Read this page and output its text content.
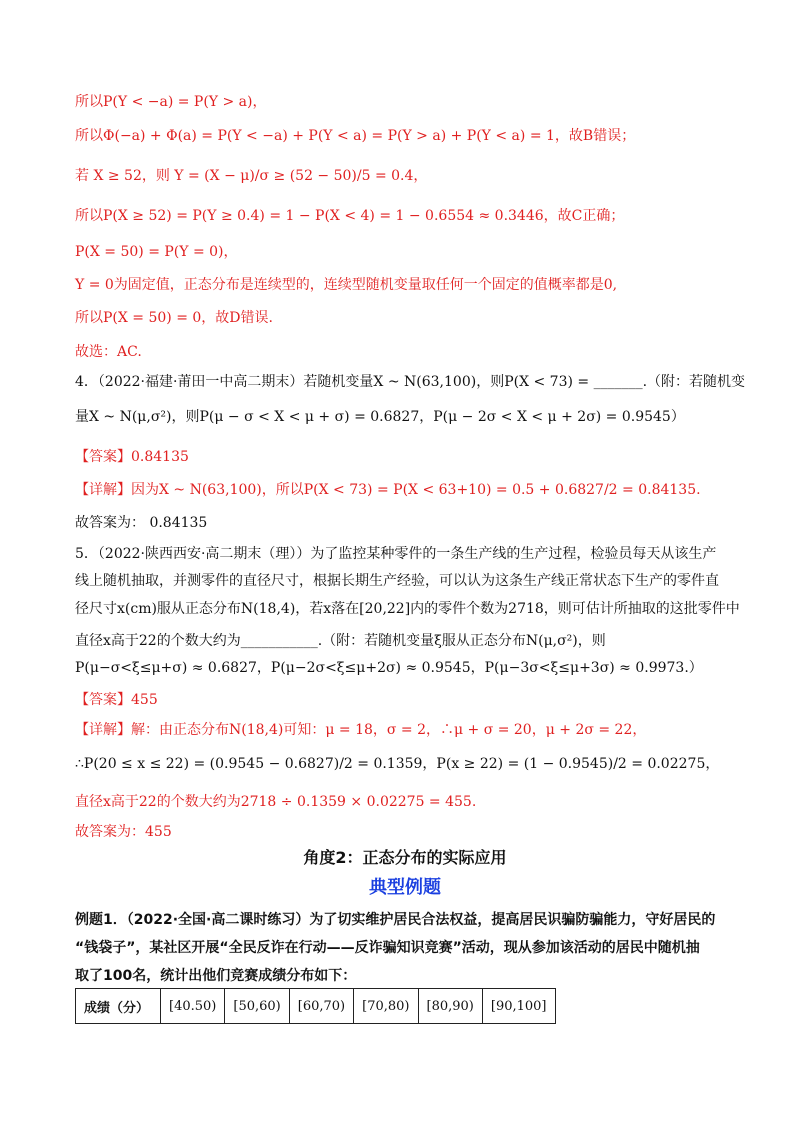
所以P(Y < −a) = P(Y > a)，
所以Φ(−a) + Φ(a) = P(Y < −a) + P(Y < a) = P(Y > a) + P(Y < a) = 1，故B错误；
若 X ≥ 52，则 Y = (X − μ)/σ ≥ (52 − 50)/5 = 0.4，
所以P(X ≥ 52) = P(Y ≥ 0.4) = 1 − P(X < 4) = 1 − 0.6554 ≈ 0.3446，故C正确；
P(X = 50) = P(Y = 0)，
Y = 0为固定值，正态分布是连续型的，连续型随机变量取任何一个固定的值概率都是0,
所以P(X = 50) = 0，故D错误.
故选：AC.
4．（2022·福建·莆田一中高二期末）若随机变量X ~ N(63,100)，则P(X < 73) = _______.（附：若随机变
量X ~ N(μ,σ²)，则P(μ − σ < X < μ + σ) = 0.6827，P(μ − 2σ < X < μ + 2σ) = 0.9545）
【答案】0.84135
【详解】因为X ~ N(63,100)，所以P(X < 73) = P(X < 63+10) = 0.5 + 0.6827/2 = 0.84135.
故答案为： 0.84135
5．（2022·陕西西安·高二期末（理））为了监控某种零件的一条生产线的生产过程，检验员每天从该生产
线上随机抽取，并测零件的直径尺寸，根据长期生产经验，可以认为这条生产线正常状态下生产的零件直
径尺寸x(cm)服从正态分布N(18,4)，若x落在[20,22]内的零件个数为2718，则可估计所抽取的这批零件中
直径x高于22的个数大约为___________.（附：若随机变量ξ服从正态分布N(μ,σ²)，则
P(μ−σ<ξ≤μ+σ) ≈ 0.6827，P(μ−2σ<ξ≤μ+2σ) ≈ 0.9545，P(μ−3σ<ξ≤μ+3σ) ≈ 0.9973.）
【答案】455
【详解】解：由正态分布N(18,4)可知：μ = 18，σ = 2，∴μ + σ = 20，μ + 2σ = 22，
∴P(20 ≤ x ≤ 22) = (0.9545 − 0.6827)/2 = 0.1359，P(x ≥ 22) = (1 − 0.9545)/2 = 0.02275，
直径x高于22的个数大约为2718 ÷ 0.1359 × 0.02275 = 455.
故答案为：455
角度2：正态分布的实际应用
典型例题
例题1．（2022·全国·高二课时练习）为了切实维护居民合法权益，提高居民识骗防骗能力，守好居民的
“钱袋子”，某社区开展“全民反诈在行动——反诈骗知识竞赛”活动，现从参加该活动的居民中随机抽
取了100名，统计出他们竞赛成绩分布如下：
成绩（分）	[40.50)	[50,60)	[60,70)	[70,80)	[80,90)	[90,100]
